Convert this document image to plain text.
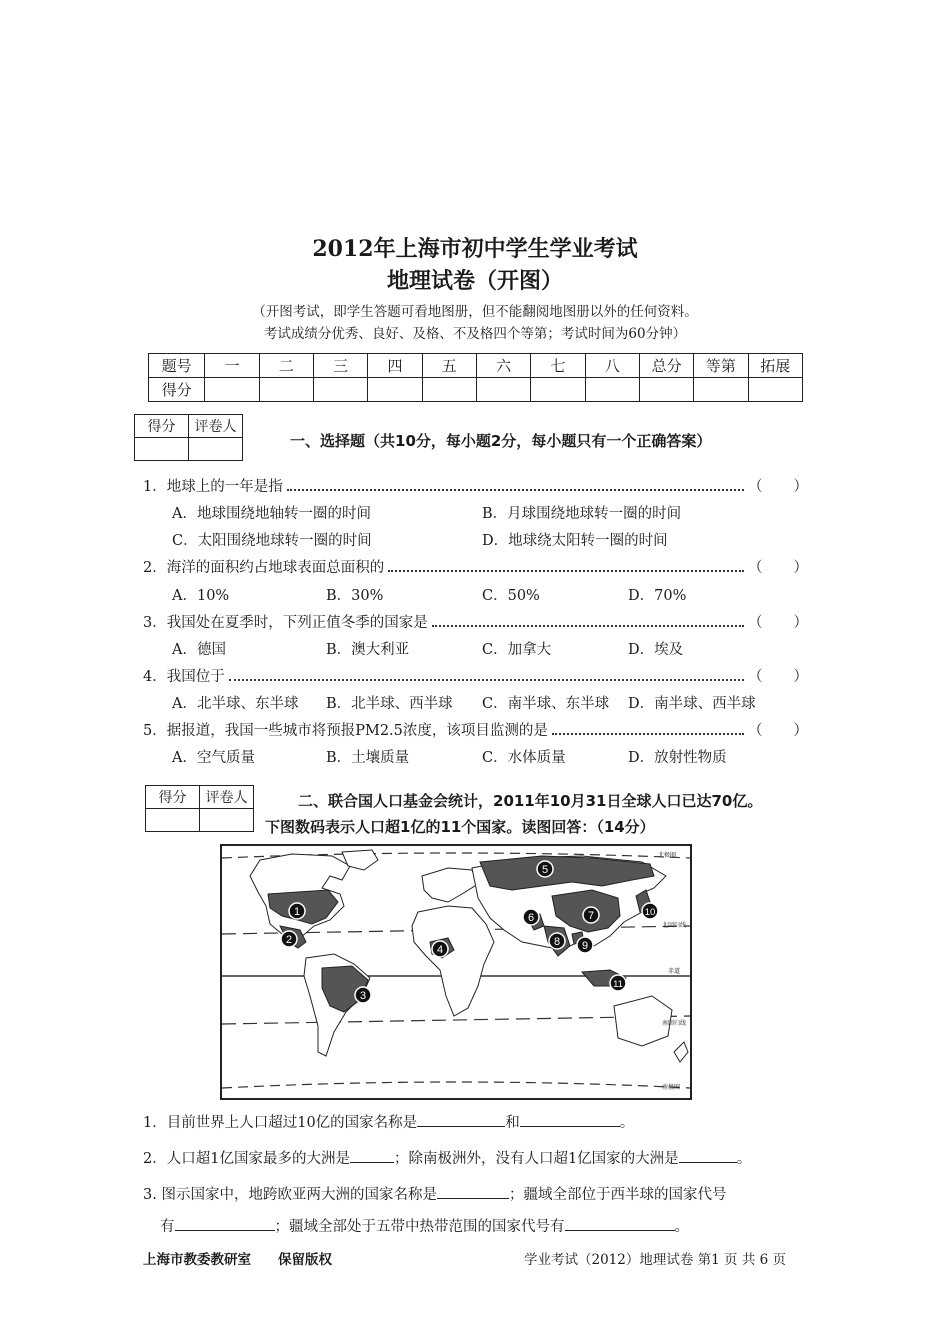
2012年上海市初中学生学业考试
地理试卷（开图）
（开图考试，即学生答题可看地图册，但不能翻阅地图册以外的任何资料。
考试成绩分优秀、良好、及格、不及格四个等第；考试时间为60分钟）
题号	一	二	三	四	五	六	七	八	总分	等第	拓展
得分											
得分	评卷人

一、选择题（共10分，每小题2分，每小题只有一个正确答案）
1．地球上的一年是指	（ ）
A．地球围绕地轴转一圈的时间	B．月球围绕地球转一圈的时间
C．太阳围绕地球转一圈的时间	D．地球绕太阳转一圈的时间
2．海洋的面积约占地球表面总面积的	（ ）
A．10%	B．30%	C．50%	D．70%
3．我国处在夏季时，下列正值冬季的国家是	（ ）
A．德国	B．澳大利亚	C．加拿大	D．埃及
4．我国位于	（ ）
A．北半球、东半球 B．北半球、西半球 C．南半球、东半球 D．南半球、西半球
5．据报道，我国一些城市将预报PM2.5浓度，该项目监测的是	（ ）
A．空气质量	B．土壤质量	C．水体质量	D．放射性物质
得分	评卷人
		二、联合国人口基金会统计，2011年10月31日全球人口已达70亿。
下图数码表示人口超1亿的11个国家。读图回答：（14分）
1
2
3
4
5
6	7
8 9
10
11
北极圈
北回归线
赤道
南回归线
南极圈
1．目前世界上人口超过10亿的国家名称是	和	。
2．人口超1亿国家最多的大洲是	；除南极洲外，没有人口超1亿国家的大洲是	。
3. 图示国家中，地跨欧亚两大洲的国家名称是	；疆域全部位于西半球的国家代号
有	；疆域全部处于五带中热带范围的国家代号有	。
上海市教委教研室　　保留版权	学业考试（2012）地理试卷 第1 页 共 6 页
